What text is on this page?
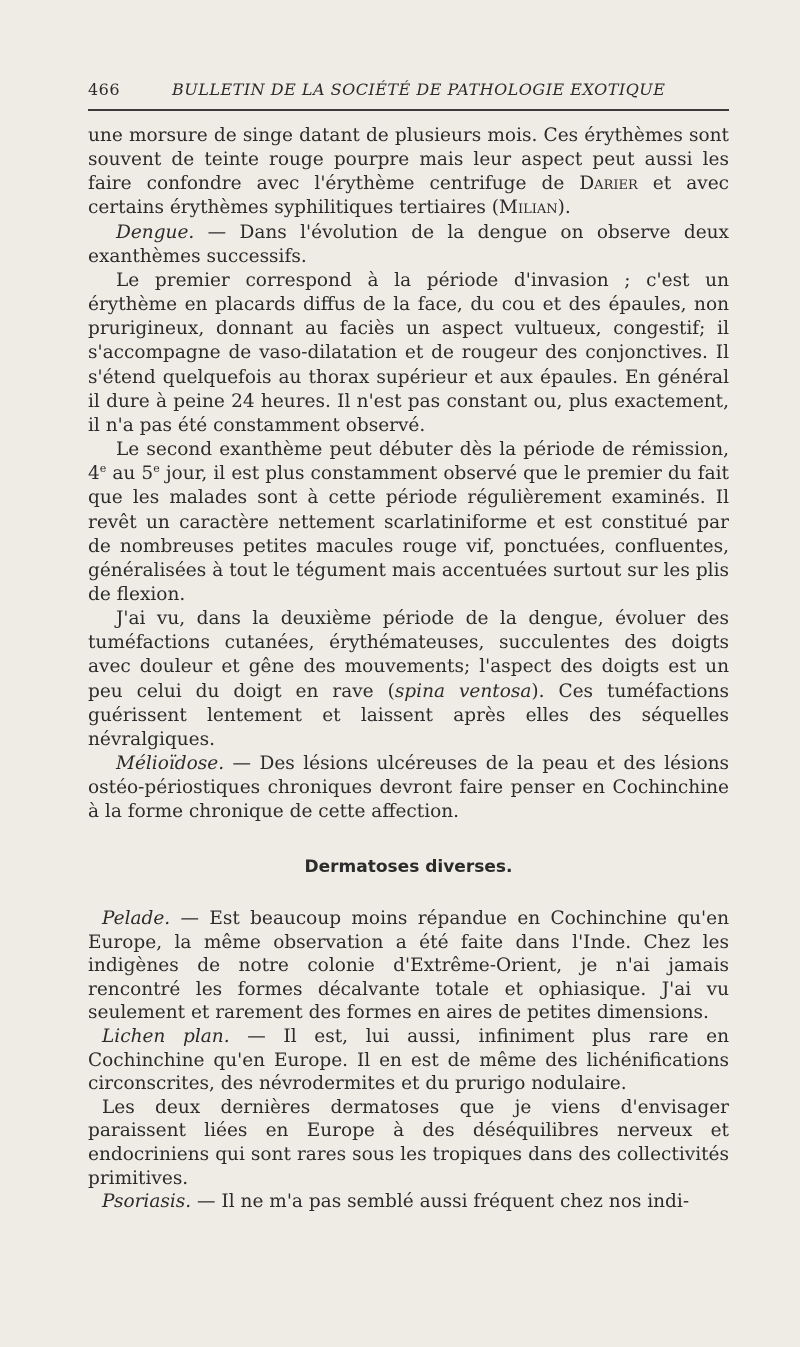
466	BULLETIN DE LA SOCIÉTÉ DE PATHOLOGIE EXOTIQUE

une morsure de singe datant de plusieurs mois. Ces érythèmes sont souvent de teinte rouge pourpre mais leur aspect peut aussi les faire confondre avec l'érythème centrifuge de Darier et avec certains érythèmes syphilitiques tertiaires (Milian).

Dengue. — Dans l'évolution de la dengue on observe deux exanthèmes successifs.

Le premier correspond à la période d'invasion ; c'est un érythème en placards diffus de la face, du cou et des épaules, non prurigineux, donnant au faciès un aspect vultueux, congestif; il s'accompagne de vaso-dilatation et de rougeur des conjonctives. Il s'étend quelquefois au thorax supérieur et aux épaules. En général il dure à peine 24 heures. Il n'est pas constant ou, plus exactement, il n'a pas été constamment observé.

Le second exanthème peut débuter dès la période de rémission, 4e au 5e jour, il est plus constamment observé que le premier du fait que les malades sont à cette période régulièrement examinés. Il revêt un caractère nettement scarlatiniforme et est constitué par de nombreuses petites macules rouge vif, ponctuées, confluentes, généralisées à tout le tégument mais accentuées surtout sur les plis de flexion.

J'ai vu, dans la deuxième période de la dengue, évoluer des tuméfactions cutanées, érythémateuses, succulentes des doigts avec douleur et gêne des mouvements; l'aspect des doigts est un peu celui du doigt en rave (spina ventosa). Ces tuméfactions guérissent lentement et laissent après elles des séquelles névralgiques.

Mélioïdose. — Des lésions ulcéreuses de la peau et des lésions ostéo-périostiques chroniques devront faire penser en Cochinchine à la forme chronique de cette affection.

Dermatoses diverses.

Pelade. — Est beaucoup moins répandue en Cochinchine qu'en Europe, la même observation a été faite dans l'Inde. Chez les indigènes de notre colonie d'Extrême-Orient, je n'ai jamais rencontré les formes décalvante totale et ophiasique. J'ai vu seulement et rarement des formes en aires de petites dimensions.

Lichen plan. — Il est, lui aussi, infiniment plus rare en Cochinchine qu'en Europe. Il en est de même des lichénifications circonscrites, des névrodermites et du prurigo nodulaire.

Les deux dernières dermatoses que je viens d'envisager paraissent liées en Europe à des déséquilibres nerveux et endocriniens qui sont rares sous les tropiques dans des collectivités primitives.

Psoriasis. — Il ne m'a pas semblé aussi fréquent chez nos indi-
